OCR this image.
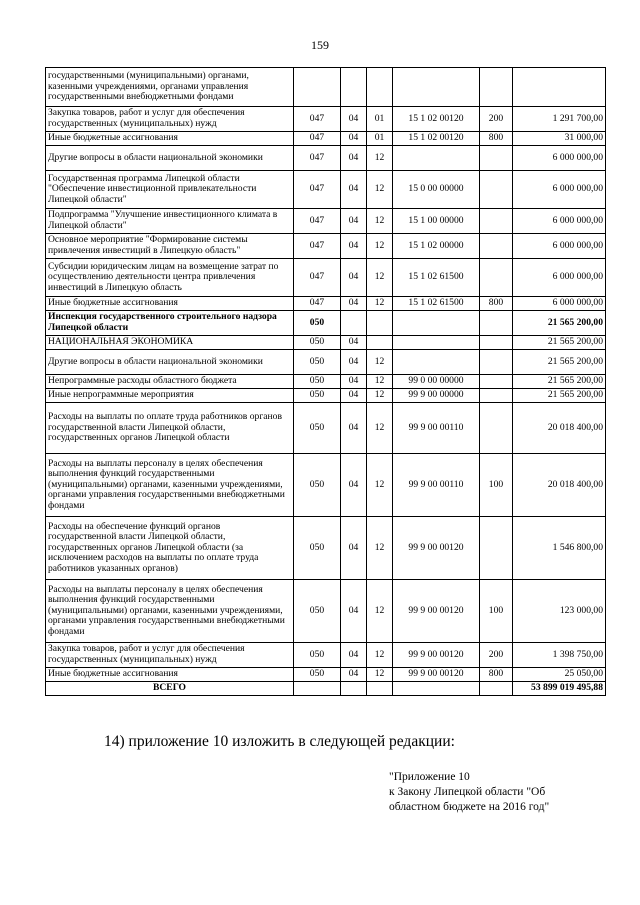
159
государственными (муниципальными) органами, казенными учреждениями, органами управления государственными внебюджетными фондами						
Закупка товаров, работ и услуг для обеспечения государственных (муниципальных) нужд	047	04	01	15 1 02 00120	200	1 291 700,00
Иные бюджетные ассигнования	047	04	01	15 1 02 00120	800	31 000,00
Другие вопросы в области национальной экономики	047	04	12			6 000 000,00
Государственная программа Липецкой области "Обеспечение инвестиционной привлекательности Липецкой области"	047	04	12	15 0 00 00000		6 000 000,00
Подпрограмма "Улучшение инвестиционного климата в Липецкой области"	047	04	12	15 1 00 00000		6 000 000,00
Основное мероприятие "Формирование системы привлечения инвестиций в Липецкую область"	047	04	12	15 1 02 00000		6 000 000,00
Субсидии юридическим лицам на возмещение затрат по осуществлению деятельности центра привлечения инвестиций в Липецкую область	047	04	12	15 1 02 61500		6 000 000,00
Иные бюджетные ассигнования	047	04	12	15 1 02 61500	800	6 000 000,00
Инспекция государственного строительного надзора Липецкой области	050					21 565 200,00
НАЦИОНАЛЬНАЯ ЭКОНОМИКА	050	04				21 565 200,00
Другие вопросы в области национальной экономики	050	04	12			21 565 200,00
Непрограммные расходы областного бюджета	050	04	12	99 0 00 00000		21 565 200,00
Иные непрограммные мероприятия	050	04	12	99 9 00 00000		21 565 200,00
Расходы на выплаты по оплате труда работников органов государственной власти Липецкой области, государственных органов Липецкой области	050	04	12	99 9 00 00110		20 018 400,00
Расходы на выплаты персоналу в целях обеспечения выполнения функций государственными (муниципальными) органами, казенными учреждениями, органами управления государственными внебюджетными фондами	050	04	12	99 9 00 00110	100	20 018 400,00
Расходы на обеспечение функций органов государственной власти Липецкой области, государственных органов Липецкой области (за исключением расходов на выплаты по оплате труда работников указанных органов)	050	04	12	99 9 00 00120		1 546 800,00
Расходы на выплаты персоналу в целях обеспечения выполнения функций государственными (муниципальными) органами, казенными учреждениями, органами управления государственными внебюджетными фондами	050	04	12	99 9 00 00120	100	123 000,00
Закупка товаров, работ и услуг для обеспечения государственных (муниципальных) нужд	050	04	12	99 9 00 00120	200	1 398 750,00
Иные бюджетные ассигнования	050	04	12	99 9 00 00120	800	25 050,00
ВСЕГО						53 899 019 495,88
14) приложение 10 изложить в следующей редакции:
"Приложение 10
к Закону Липецкой области "Об
областном бюджете на 2016 год"
